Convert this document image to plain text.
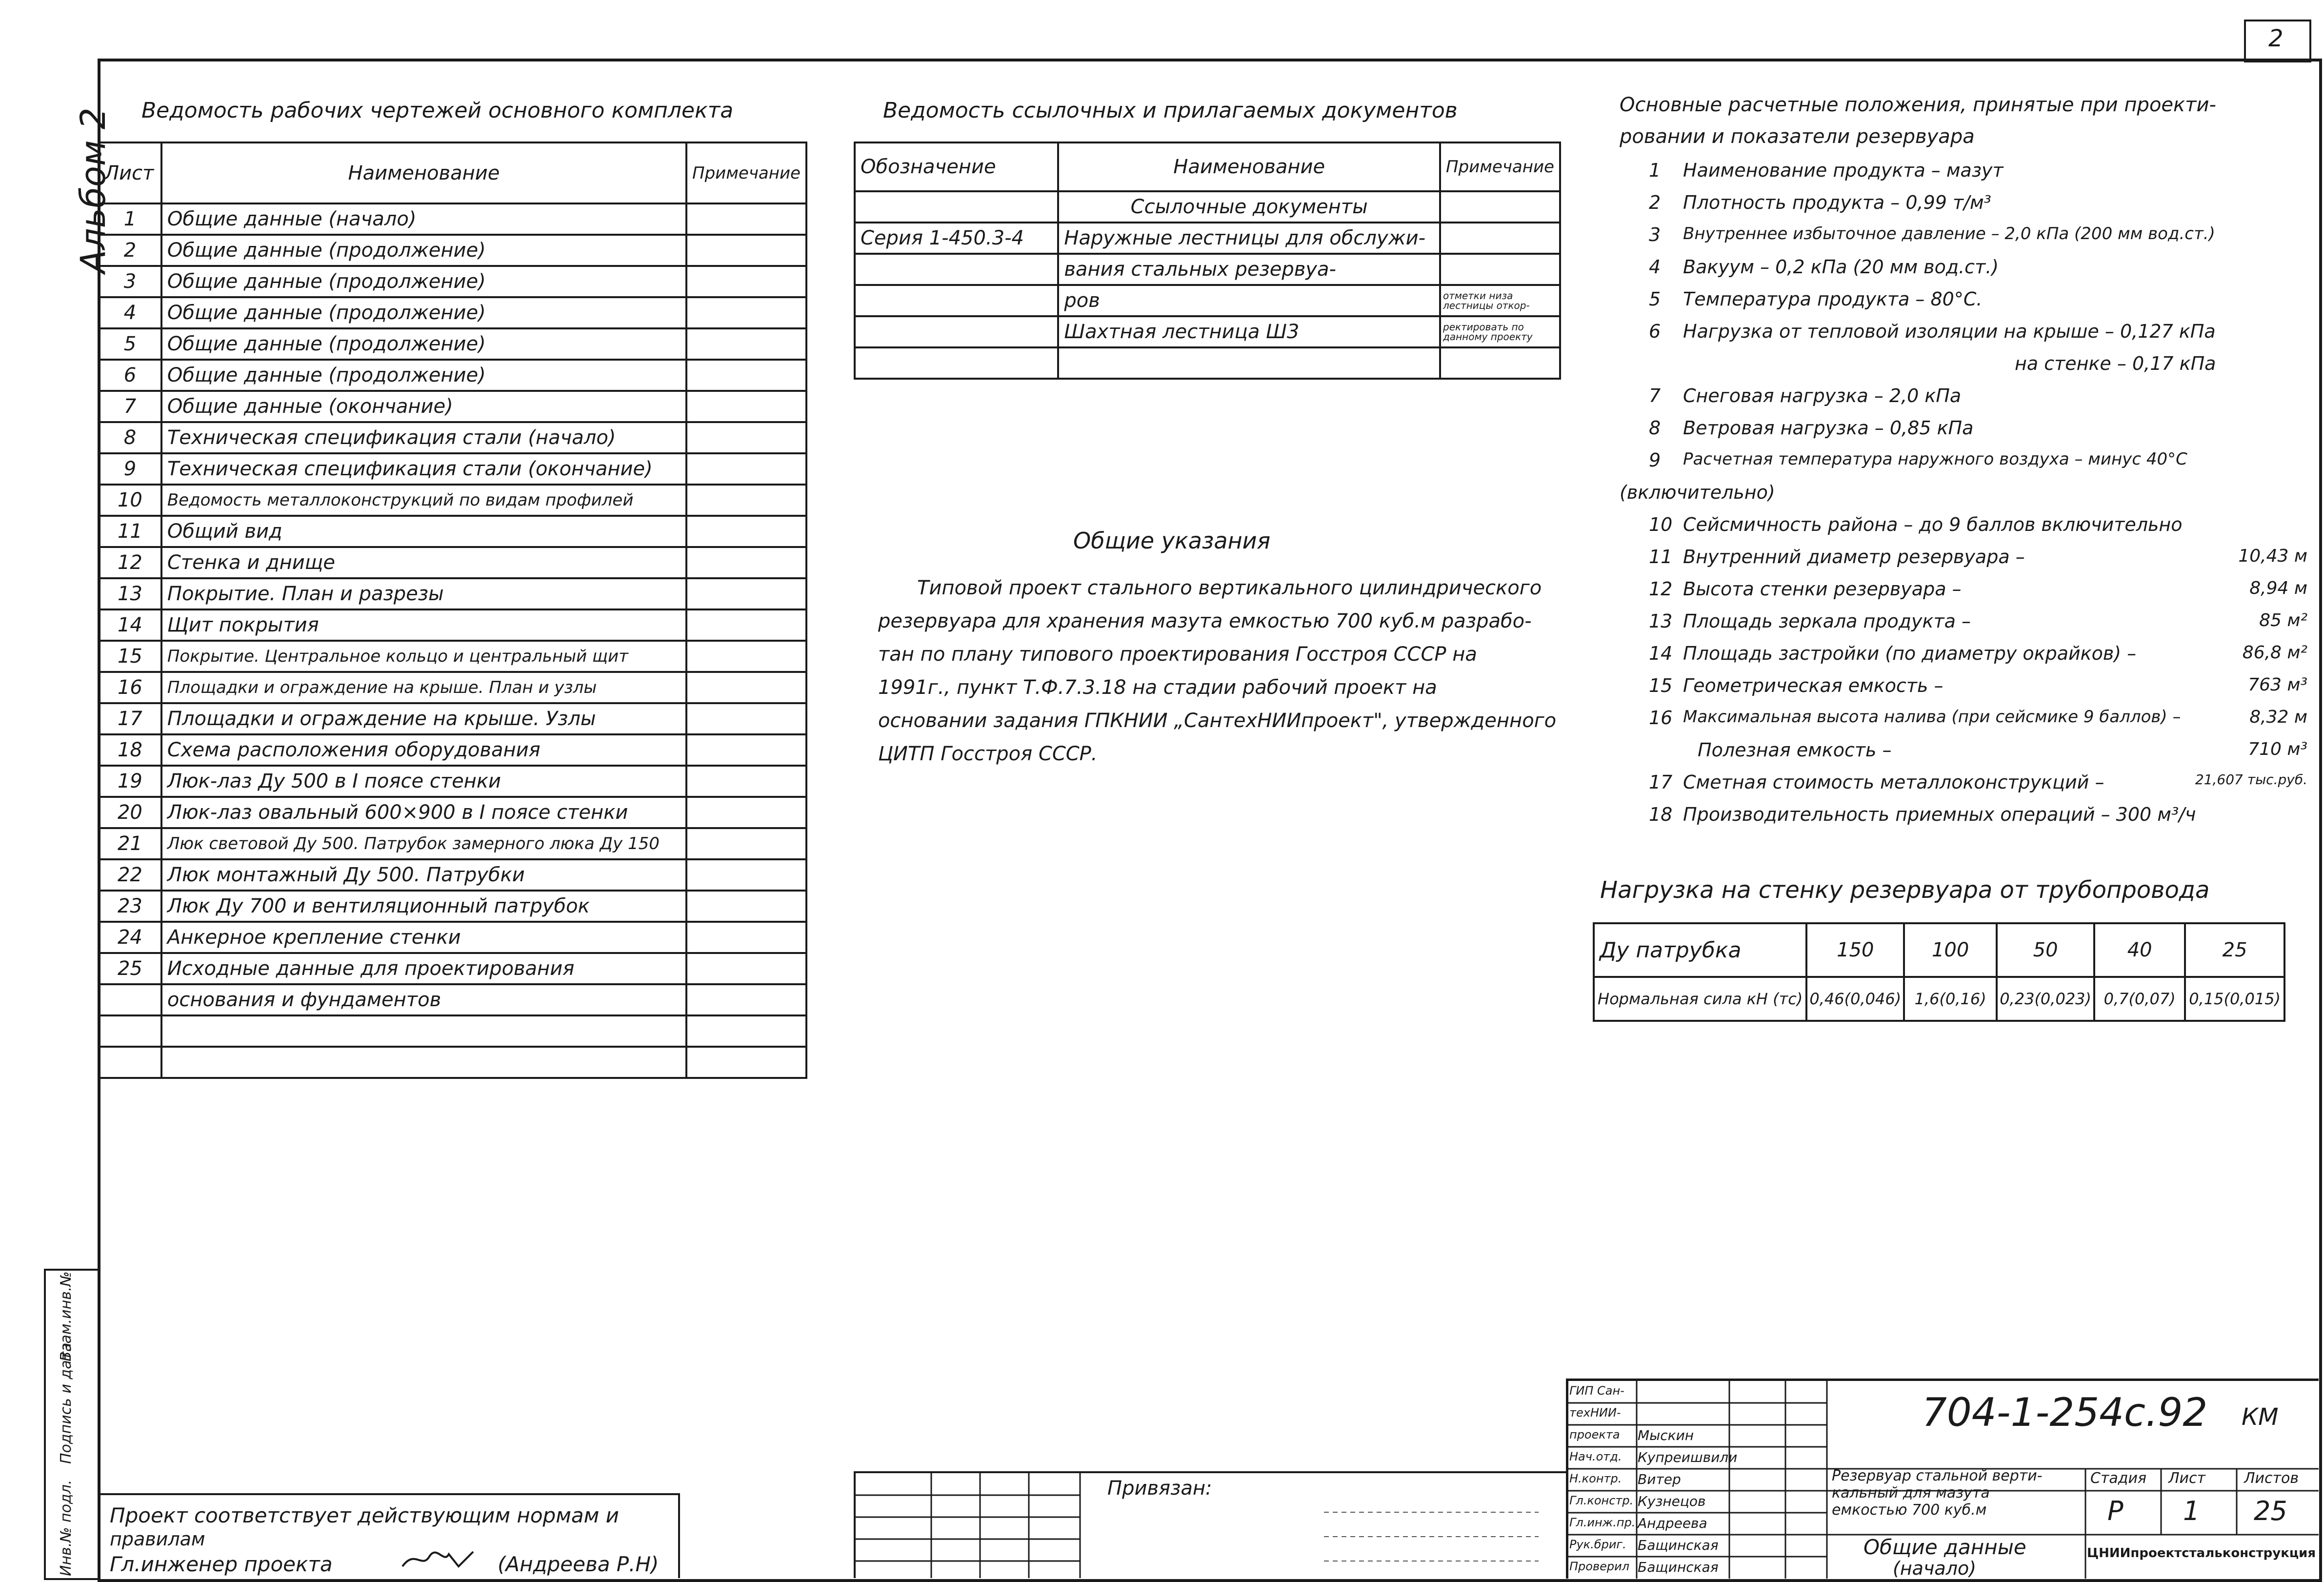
2
Альбом 2
Инв.№ подл.
Подпись и дата
Взам.инв.№
Ведомость рабочих чертежей основного комплекта
Лист	Наименование	Примечание
1	Общие данные (начало)	
2	Общие данные (продолжение)	
3	Общие данные (продолжение)	
4	Общие данные (продолжение)	
5	Общие данные (продолжение)	
6	Общие данные (продолжение)	
7	Общие данные (окончание)	
8	Техническая спецификация стали (начало)	
9	Техническая спецификация стали (окончание)	
10	Ведомость металлоконструкций по видам профилей	
11	Общий вид	
12	Стенка и днище	
13	Покрытие. План и разрезы	
14	Щит покрытия	
15	Покрытие. Центральное кольцо и центральный щит	
16	Площадки и ограждение на крыше. План и узлы	
17	Площадки и ограждение на крыше. Узлы	
18	Схема расположения оборудования	
19	Люк-лаз Ду 500 в I поясе стенки	
20	Люк-лаз овальный 600×900 в I поясе стенки	
21	Люк световой Ду 500. Патрубок замерного люка Ду 150	
22	Люк монтажный Ду 500. Патрубки	
23	Люк Ду 700 и вентиляционный патрубок	
24	Анкерное крепление стенки	
25	Исходные данные для проектирования	
	основания и фундаментов	

Ведомость ссылочных и прилагаемых документов
Обозначение	Наименование	Примечание
	Ссылочные документы	
Серия 1-450.3-4	Наружные лестницы для обслужи-	
	вания стальных резервуа-	
	ров	отметки низа лестницы откор-
	Шахтная лестница Ш3	ректировать по данному проекту

Общие указания
Типовой проект стального вертикального цилиндрического
резервуара для хранения мазута емкостью 700 куб.м разрабо-
тан по плану типового проектирования Госстроя СССР на
1991г., пункт Т.Ф.7.3.18 на стадии рабочий проект на
основании задания ГПКНИИ „СантехНИИпроект", утвержденного
ЦИТП Госстроя СССР.
Основные расчетные положения, принятые при проекти-
ровании и показатели резервуара
1 Наименование продукта – мазут
2 Плотность продукта – 0,99 т/м³
3 Внутреннее избыточное давление – 2,0 кПа (200 мм вод.ст.)
4 Вакуум – 0,2 кПа (20 мм вод.ст.)
5 Температура продукта – 80°С.
6 Нагрузка от тепловой изоляции на крыше – 0,127 кПа
на стенке – 0,17 кПа
7 Снеговая нагрузка – 2,0 кПа
8 Ветровая нагрузка – 0,85 кПа
9 Расчетная температура наружного воздуха – минус 40°С
(включительно)
10 Сейсмичность района – до 9 баллов включительно
11 Внутренний диаметр резервуара –	10,43 м
12 Высота стенки резервуара –	8,94 м
13 Площадь зеркала продукта –	85 м²
14 Площадь застройки (по диаметру окрайков) –	86,8 м²
15 Геометрическая емкость –	763 м³
16 Максимальная высота налива (при сейсмике 9 баллов) –	8,32 м
Полезная емкость –	710 м³
17 Сметная стоимость металлоконструкций –	21,607 тыс.руб.
18 Производительность приемных операций – 300 м³/ч
Нагрузка на стенку резервуара от трубопровода
Ду патрубка	150	100	50	40	25
Нормальная сила кН (тс)	0,46(0,046)	1,6(0,16)	0,23(0,023)	0,7(0,07)	0,15(0,015)
Проект соответствует действующим нормам и
правилам
Гл.инженер проекта	(Андреева Р.Н)
Привязан:
ГИП Сан-
техНИИ-
проекта Мыскин
Нач.отд. Купреишвили
Н.контр. Витер
Гл.констр. Кузнецов
Гл.инж.пр. Андреева
Рук.бриг. Бащинская
Проверил Бащинская
704-1-254с.92 КМ
Резервуар стальной верти-
кальный для мазута
емкостью 700 куб.м
Общие данные
(начало)
Стадия Лист	Листов
Р 1 25
ЦНИИпроектстальконструкция
